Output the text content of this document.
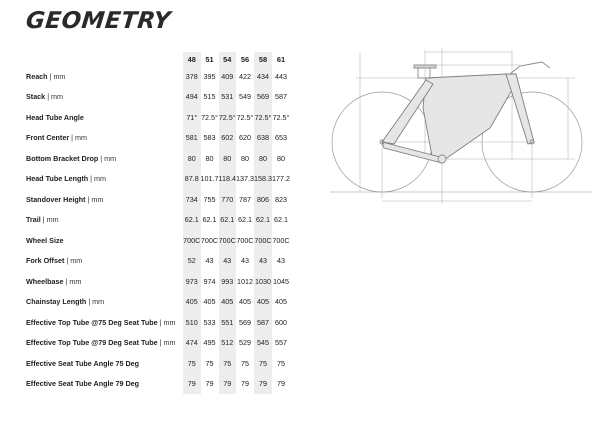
GEOMETRY
	48	51	54	56	58	61
Reach | mm	378	395	409	422	434	443
Stack | mm	494	515	531	549	569	587
Head Tube Angle	71°	72.5°	72.5°	72.5°	72.5°	72.5°
Front Center | mm	581	583	602	620	638	653
Bottom Bracket Drop | mm	80	80	80	80	80	80
Head Tube Length | mm	87.8	101.7	118.4	137.3	158.3	177.2
Standover Height | mm	734	755	770	787	806	823
Trail | mm	62.1	62.1	62.1	62.1	62.1	62.1
Wheel Size	700C	700C	700C	700C	700C	700C
Fork Offset | mm	52	43	43	43	43	43
Wheelbase | mm	973	974	993	1012	1030	1045
Chainstay Length | mm	405	405	405	405	405	405
Effective Top Tube @75 Deg Seat Tube | mm	510	533	551	569	587	600
Effective Top Tube @79 Deg Seat Tube | mm	474	495	512	529	545	557
Effective Seat Tube Angle 75 Deg	75	75	75	75	75	75
Effective Seat Tube Angle 79 Deg	79	79	79	79	79	79
